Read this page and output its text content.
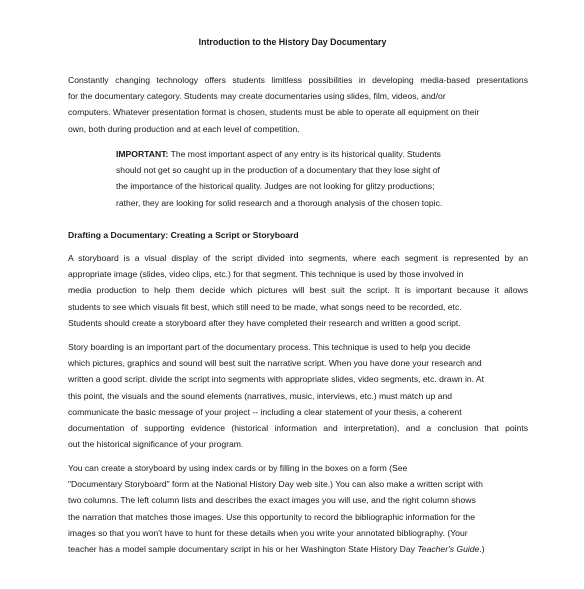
Introduction to the History Day Documentary
Constantly changing technology offers students limitless possibilities in developing media-based presentations
for the documentary category. Students may create documentaries using slides, film, videos, and/or
computers. Whatever presentation format is chosen, students must be able to operate all equipment on their
own, both during production and at each level of competition.
IMPORTANT: The most important aspect of any entry is its historical quality. Students
should not get so caught up in the production of a documentary that they lose sight of
the importance of the historical quality. Judges are not looking for glitzy productions;
rather, they are looking for solid research and a thorough analysis of the chosen topic.
Drafting a Documentary: Creating a Script or Storyboard
A storyboard is a visual display of the script divided into segments, where each segment is represented by an
appropriate image (slides, video clips, etc.) for that segment. This technique is used by those involved in
media production to help them decide which pictures will best suit the script. It is important because it allows
students to see which visuals fit best, which still need to be made, what songs need to be recorded, etc.
Students should create a storyboard after they have completed their research and written a good script.
Story boarding is an important part of the documentary process. This technique is used to help you decide
which pictures, graphics and sound will best suit the narrative script. When you have done your research and
written a good script. divide the script into segments with appropriate slides, video segments, etc. drawn in. At
this point, the visuals and the sound elements (narratives, music, interviews, etc.) must match up and
communicate the basic message of your project -- including a clear statement of your thesis, a coherent
documentation of supporting evidence (historical information and interpretation), and a conclusion that points
out the historical significance of your program.
You can create a storyboard by using index cards or by filling in the boxes on a form (See
"Documentary Storyboard" form at the National History Day web site.) You can also make a written script with
two columns. The left column lists and describes the exact images you will use, and the right column shows
the narration that matches those images. Use this opportunity to record the bibliographic information for the
images so that you won't have to hunt for these details when you write your annotated bibliography. (Your
teacher has a model sample documentary script in his or her Washington State History Day Teacher's Guide.)
